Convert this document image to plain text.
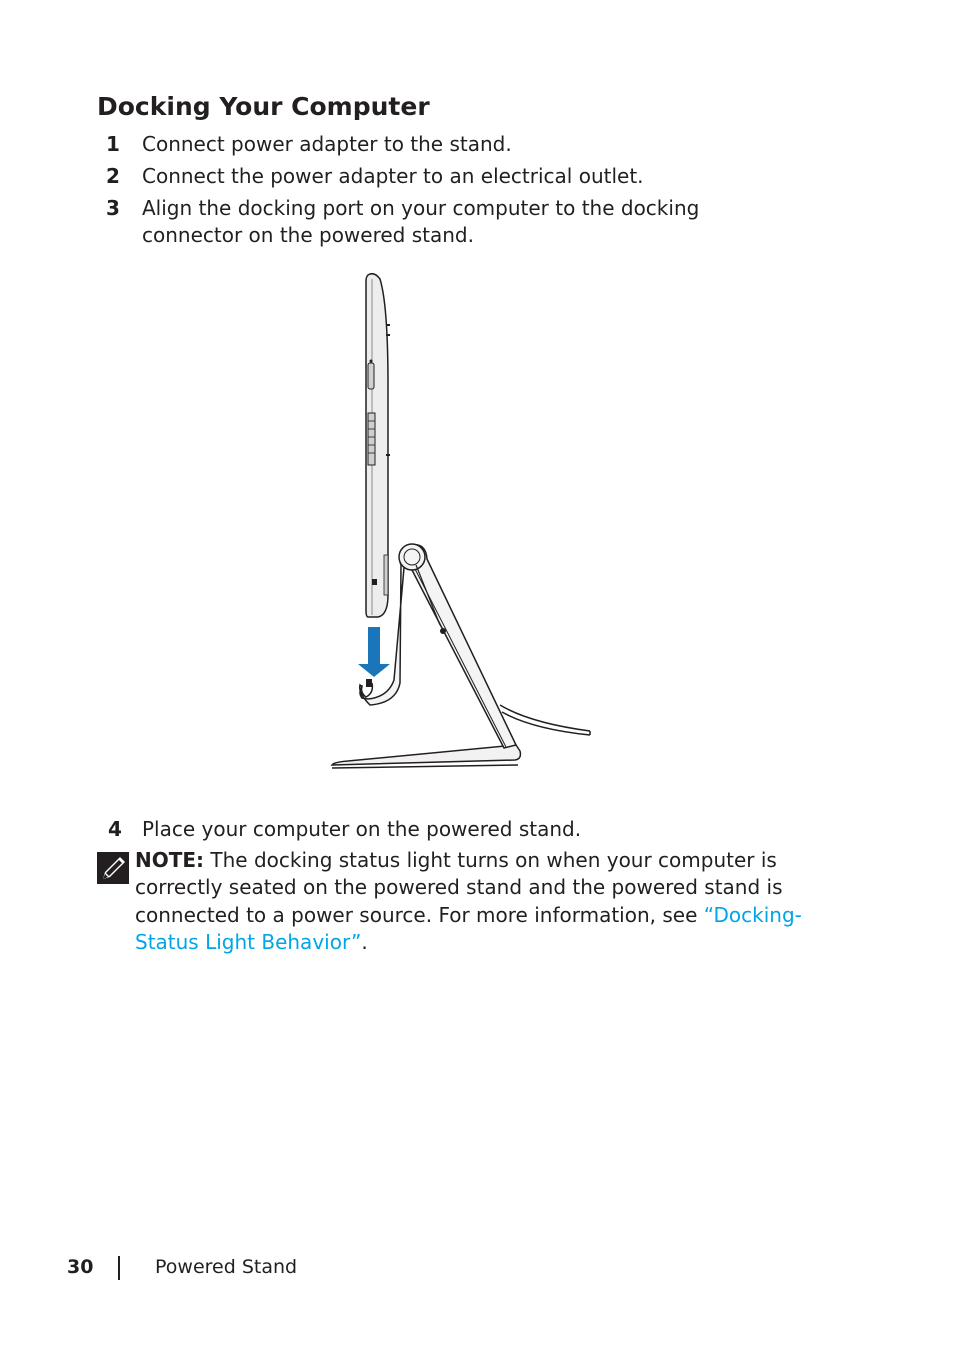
Docking Your Computer
1 Connect power adapter to the stand.
2 Connect the power adapter to an electrical outlet.
3 Align the docking port on your computer to the docking connector on the powered stand.
4 Place your computer on the powered stand.
NOTE: The docking status light turns on when your computer is correctly seated on the powered stand and the powered stand is connected to a power source. For more information, see “Docking-Status Light Behavior”.
30	Powered Stand
